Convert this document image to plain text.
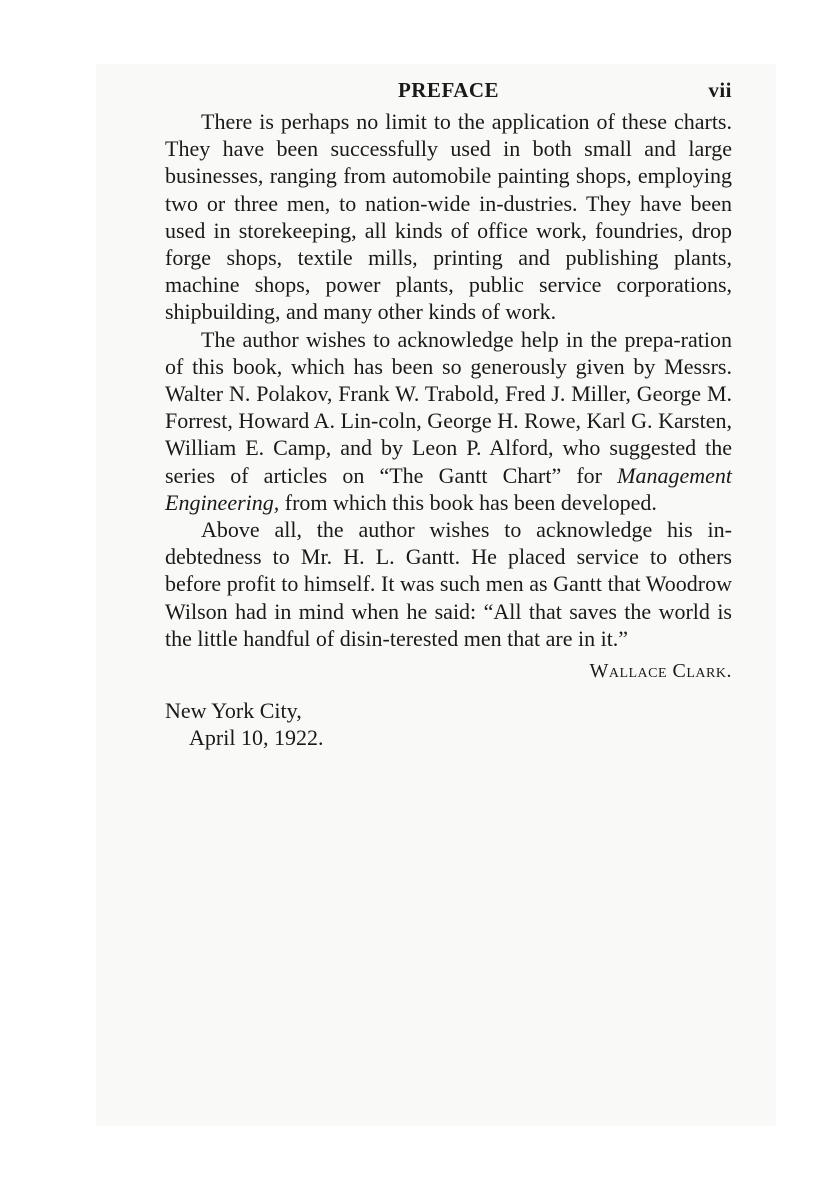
PREFACE	vii

There is perhaps no limit to the application of these charts. They have been successfully used in both small and large businesses, ranging from automobile painting shops, employing two or three men, to nation-wide in-dustries. They have been used in storekeeping, all kinds of office work, foundries, drop forge shops, textile mills, printing and publishing plants, machine shops, power plants, public service corporations, shipbuilding, and many other kinds of work.

The author wishes to acknowledge help in the prepa-ration of this book, which has been so generously given by Messrs. Walter N. Polakov, Frank W. Trabold, Fred J. Miller, George M. Forrest, Howard A. Lin-coln, George H. Rowe, Karl G. Karsten, William E. Camp, and by Leon P. Alford, who suggested the series of articles on “The Gantt Chart” for Management Engineering, from which this book has been developed.

Above all, the author wishes to acknowledge his in-debtedness to Mr. H. L. Gantt. He placed service to others before profit to himself. It was such men as Gantt that Woodrow Wilson had in mind when he said: “All that saves the world is the little handful of disin-terested men that are in it.”

Wallace Clark.

New York City,

April 10, 1922.
